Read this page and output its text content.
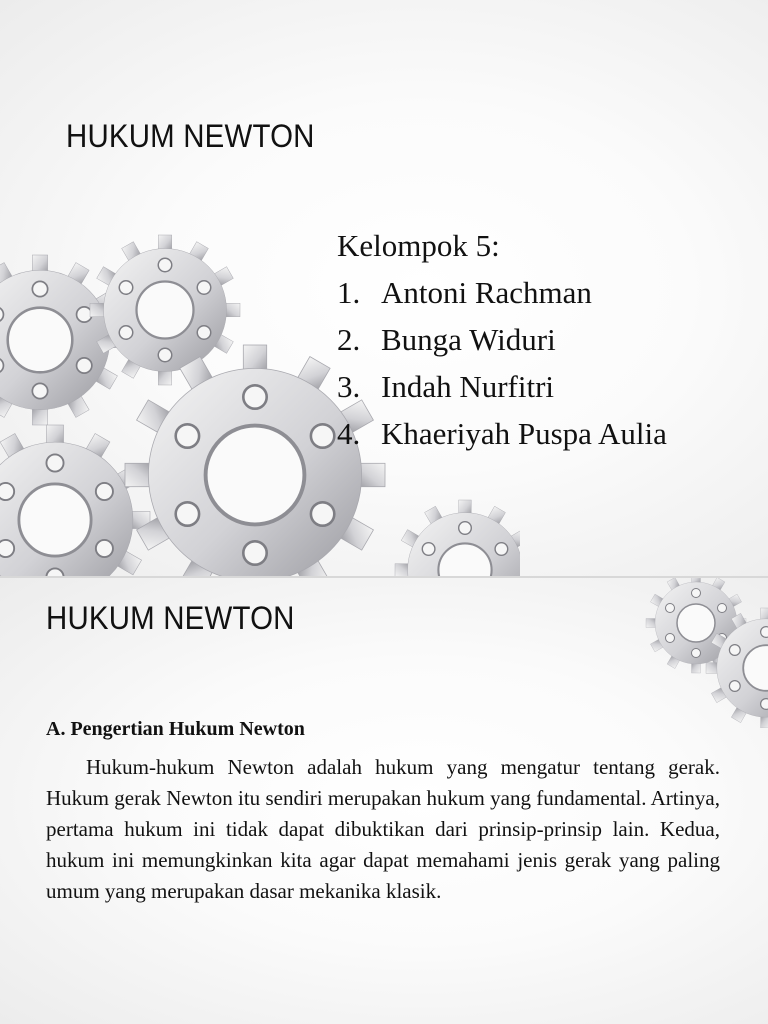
HUKUM NEWTON
Kelompok 5:
1. Antoni Rachman
2. Bunga Widuri
3. Indah Nurfitri
4. Khaeriyah Puspa Aulia
HUKUM NEWTON
A. Pengertian Hukum Newton

Hukum-hukum Newton adalah hukum yang mengatur tentang gerak. Hukum gerak Newton itu sendiri merupakan hukum yang fundamental. Artinya, pertama hukum ini tidak dapat dibuktikan dari prinsip-prinsip lain. Kedua, hukum ini memungkinkan kita agar dapat memahami jenis gerak yang paling umum yang merupakan dasar mekanika klasik.
